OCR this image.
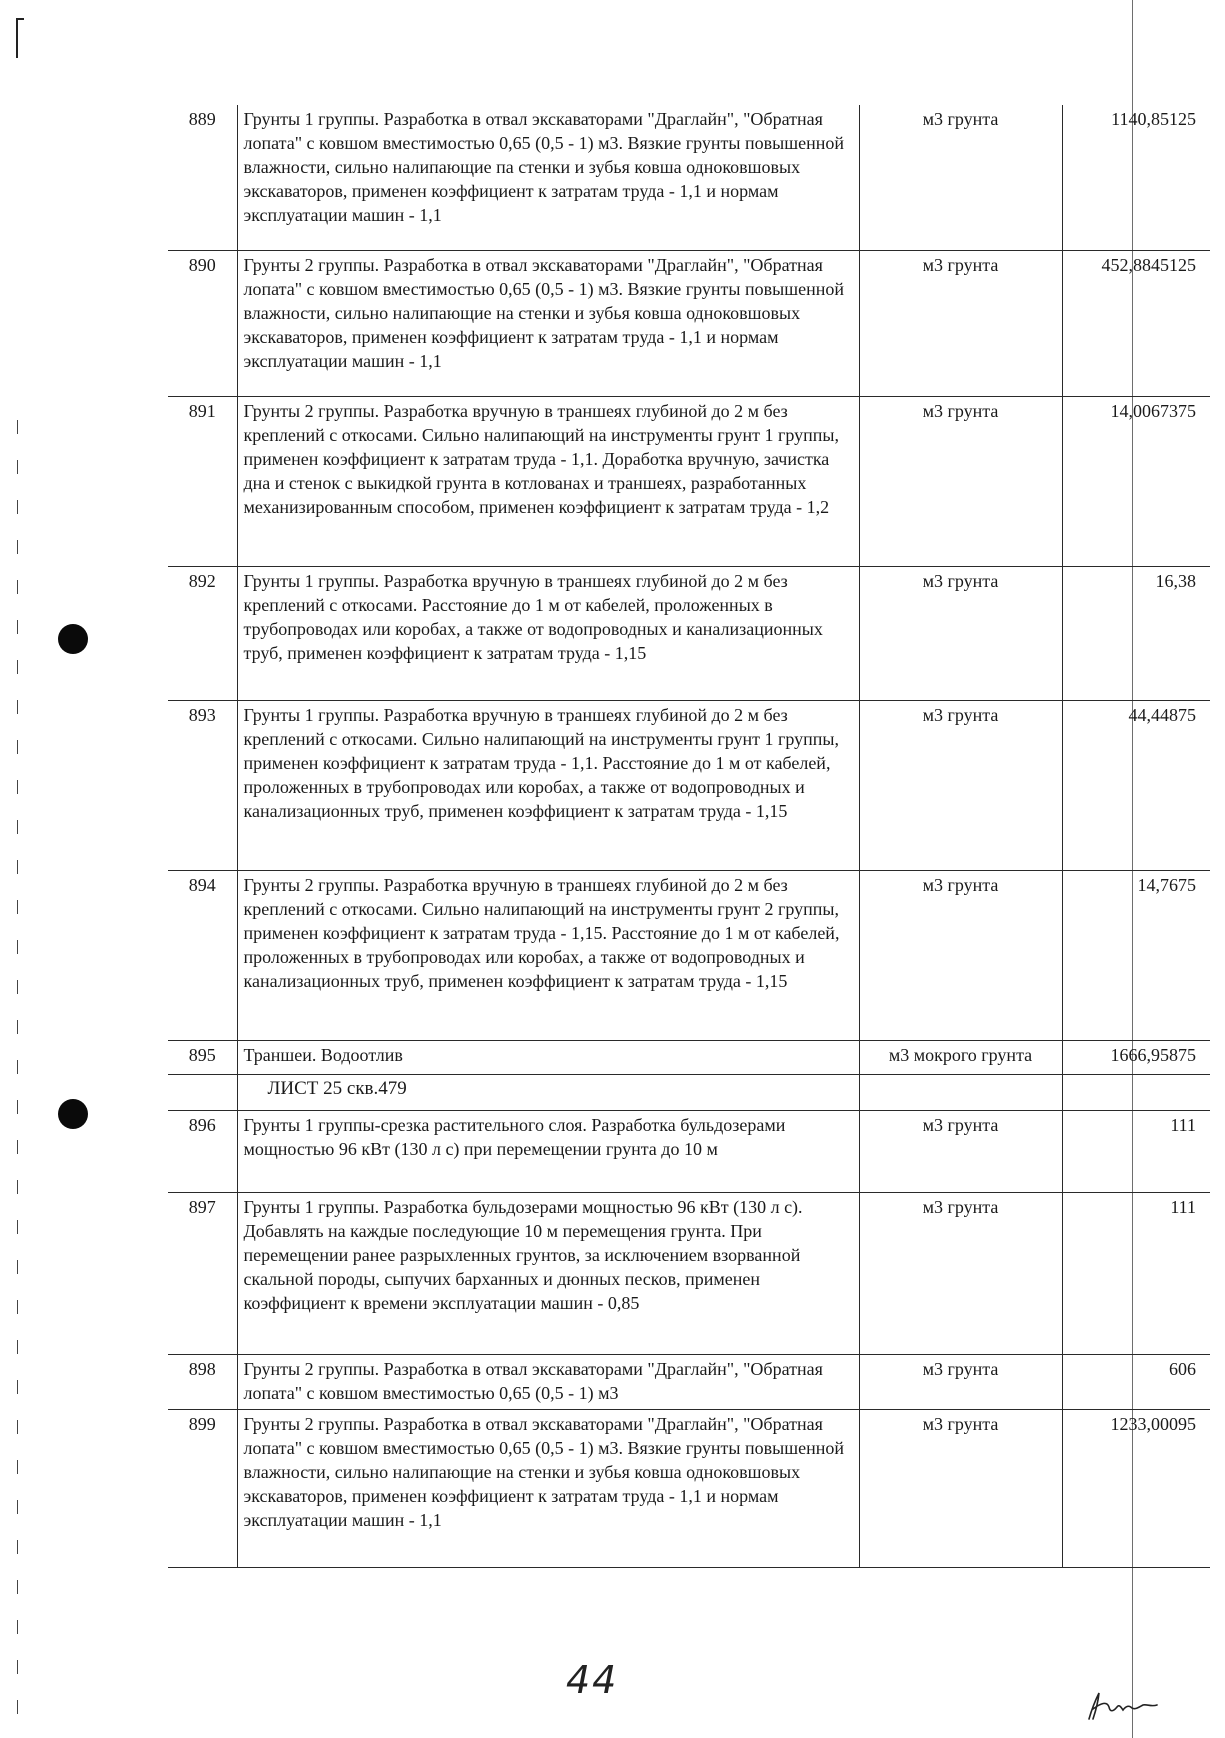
889	Грунты 1 группы. Разработка в отвал экскаваторами "Драглайн", "Обратная лопата" с ковшом вместимостью 0,65 (0,5 - 1) м3. Вязкие грунты повышенной влажности, сильно налипающие па стенки и зубья ковша одноковшовых экскаваторов, применен коэффициент к затратам труда - 1,1 и нормам эксплуатации машин - 1,1	м3 грунта	1140,85125
890	Грунты 2 группы. Разработка в отвал экскаваторами "Драглайн", "Обратная лопата" с ковшом вместимостью 0,65 (0,5 - 1) м3. Вязкие грунты повышенной влажности, сильно налипающие на стенки и зубья ковша одноковшовых экскаваторов, применен коэффициент к затратам труда - 1,1 и нормам эксплуатации машин - 1,1	м3 грунта	452,8845125
891	Грунты 2 группы. Разработка вручную в траншеях глубиной до 2 м без креплений с откосами. Сильно налипающий на инструменты грунт 1 группы, применен коэффициент к затратам труда - 1,1. Доработка вручную, зачистка дна и стенок с выкидкой грунта в котлованах и траншеях, разработанных механизированным способом, применен коэффициент к затратам труда - 1,2	м3 грунта	14,0067375
892	Грунты 1 группы. Разработка вручную в траншеях глубиной до 2 м без креплений с откосами. Расстояние до 1 м от кабелей, проложенных в трубопроводах или коробах, а также от водопроводных и канализационных труб, применен коэффициент к затратам труда - 1,15	м3 грунта	16,38
893	Грунты 1 группы. Разработка вручную в траншеях глубиной до 2 м без креплений с откосами. Сильно налипающий на инструменты грунт 1 группы, применен коэффициент к затратам труда - 1,1. Расстояние до 1 м от кабелей, проложенных в трубопроводах или коробах, а также от водопроводных и канализационных труб, применен коэффициент к затратам труда - 1,15	м3 грунта	44,44875
894	Грунты 2 группы. Разработка вручную в траншеях глубиной до 2 м без креплений с откосами. Сильно налипающий на инструменты грунт 2 группы, применен коэффициент к затратам труда - 1,15. Расстояние до 1 м от кабелей, проложенных в трубопроводах или коробах, а также от водопроводных и канализационных труб, применен коэффициент к затратам труда - 1,15	м3 грунта	14,7675
895	Траншеи. Водоотлив	м3 мокрого грунта	1666,95875
	ЛИСТ 25 скв.479		
896	Грунты 1 группы-срезка растительного слоя. Разработка бульдозерами мощностью 96 кВт (130 л с) при перемещении грунта до 10 м	м3 грунта	111
897	Грунты 1 группы. Разработка бульдозерами мощностью 96 кВт (130 л с). Добавлять на каждые последующие 10 м перемещения грунта. При перемещении ранее разрыхленных грунтов, за исключением взорванной скальной породы, сыпучих барханных и дюнных песков, применен коэффициент к времени эксплуатации машин - 0,85	м3 грунта	111
898	Грунты 2 группы. Разработка в отвал экскаваторами "Драглайн", "Обратная лопата" с ковшом вместимостью 0,65 (0,5 - 1) м3	м3 грунта	606
899	Грунты 2 группы. Разработка в отвал экскаваторами "Драглайн", "Обратная лопата" с ковшом вместимостью 0,65 (0,5 - 1) м3. Вязкие грунты повышенной влажности, сильно налипающие на стенки и зубья ковша одноковшовых экскаваторов, применен коэффициент к затратам труда - 1,1 и нормам эксплуатации машин - 1,1	м3 грунта	1233,00095
44
